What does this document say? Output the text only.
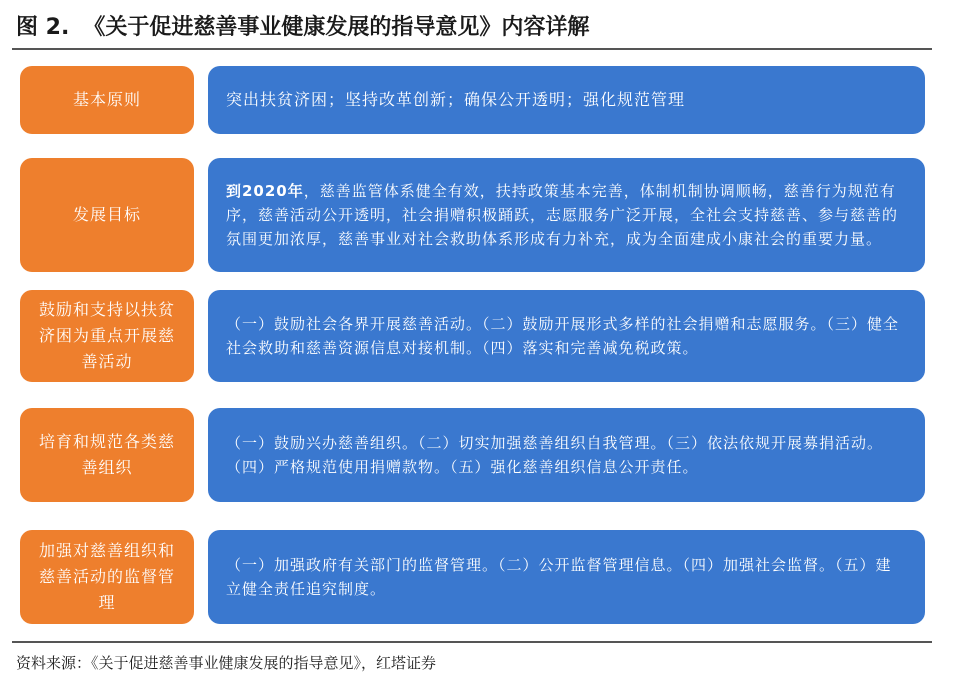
图 2. 《关于促进慈善事业健康发展的指导意见》内容详解
基本原则	突出扶贫济困；坚持改革创新；确保公开透明；强化规范管理
发展目标
到2020年，慈善监管体系健全有效，扶持政策基本完善，体制机制协调顺畅，慈善行为规范有序，慈善活动公开透明，社会捐赠积极踊跃，志愿服务广泛开展，全社会支持慈善、参与慈善的氛围更加浓厚，慈善事业对社会救助体系形成有力补充，成为全面建成小康社会的重要力量。
鼓励和支持以扶贫济困为重点开展慈善活动
（一）鼓励社会各界开展慈善活动。（二）鼓励开展形式多样的社会捐赠和志愿服务。（三）健全社会救助和慈善资源信息对接机制。（四）落实和完善减免税政策。
培育和规范各类慈善组织
（一）鼓励兴办慈善组织。（二）切实加强慈善组织自我管理。（三）依法依规开展募捐活动。（四）严格规范使用捐赠款物。（五）强化慈善组织信息公开责任。
加强对慈善组织和慈善活动的监督管理
（一）加强政府有关部门的监督管理。（二）公开监督管理信息。（四）加强社会监督。（五）建立健全责任追究制度。
资料来源：《关于促进慈善事业健康发展的指导意见》，红塔证券
